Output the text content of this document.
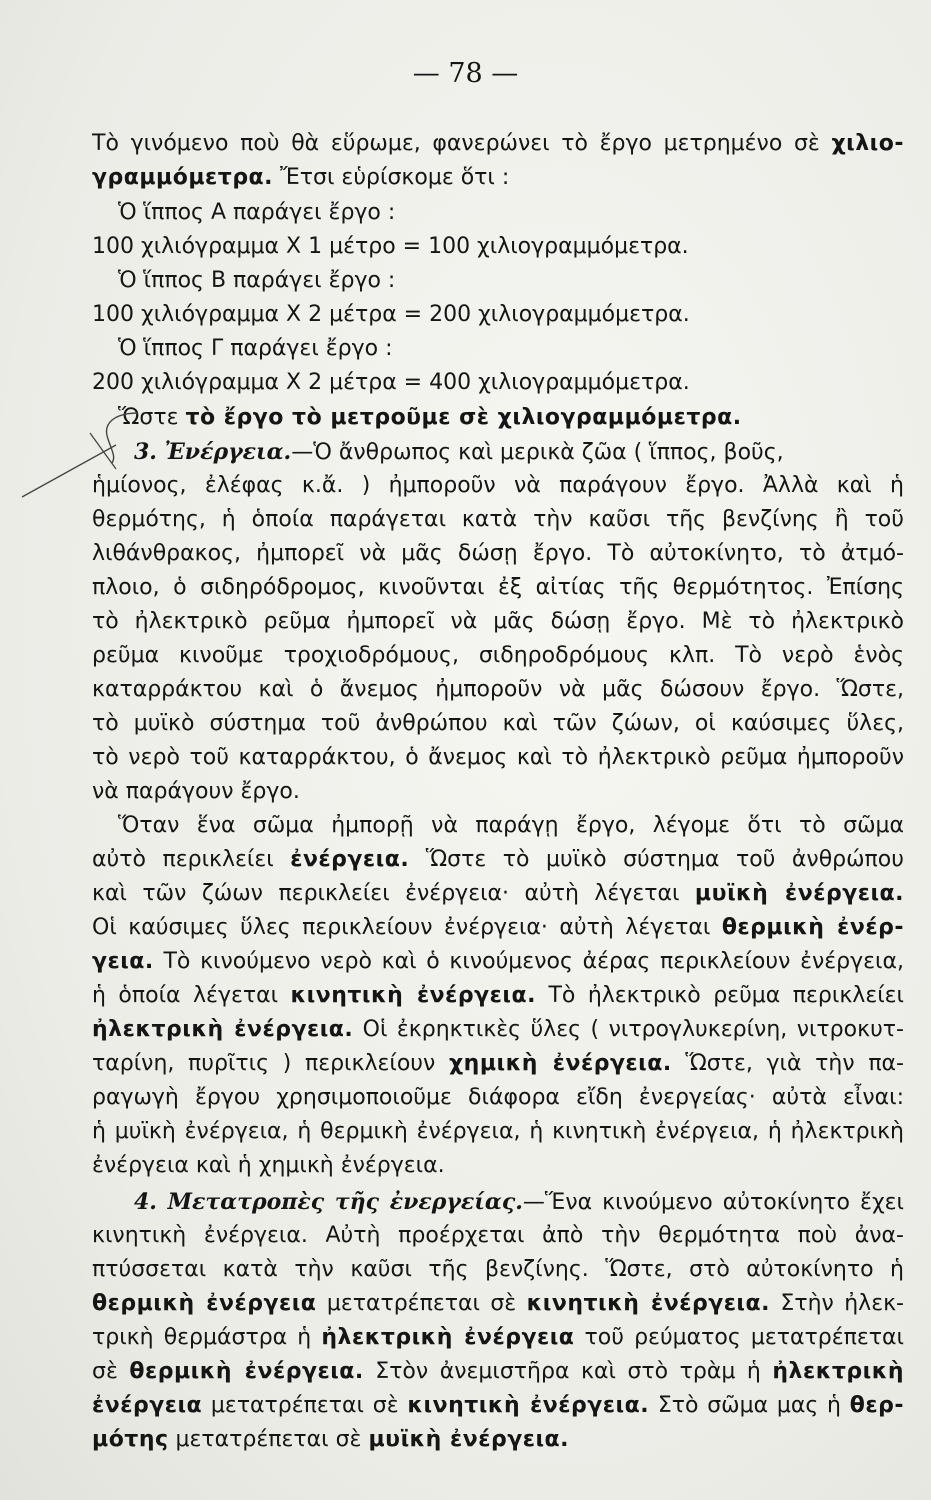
— 78 —
Τὸ γινόμενο ποὺ θὰ εὕρωμε, φανερώνει τὸ ἔργο μετρημένο σὲ χιλιο-
γραμμόμετρα. Ἔτσι εὑρίσκομε ὅτι :
Ὁ ἵππος Α παράγει ἔργο :
100 χιλιόγραμμα Χ 1 μέτρο = 100 χιλιογραμμόμετρα.
Ὁ ἵππος Β παράγει ἔργο :
100 χιλιόγραμμα Χ 2 μέτρα = 200 χιλιογραμμόμετρα.
Ὁ ἵππος Γ παράγει ἔργο :
200 χιλιόγραμμα Χ 2 μέτρα = 400 χιλιογραμμόμετρα.
Ὥστε τὸ ἔργο τὸ μετροῦμε σὲ χιλιογραμμόμετρα.
3. Ἐνέργεια.—Ὁ ἄνθρωπος καὶ μερικὰ ζῶα ( ἵππος, βοῦς,
ἡμίονος, ἐλέφας κ.ἄ. ) ἠμποροῦν νὰ παράγουν ἔργο. Ἀλλὰ καὶ ἡ
θερμότης, ἡ ὁποία παράγεται κατὰ τὴν καῦσι τῆς βενζίνης ἢ τοῦ
λιθάνθρακος, ἠμπορεῖ νὰ μᾶς δώσῃ ἔργο. Τὸ αὐτοκίνητο, τὸ ἀτμό-
πλοιο, ὁ σιδηρόδρομος, κινοῦνται ἐξ αἰτίας τῆς θερμότητος. Ἐπίσης
τὸ ἠλεκτρικὸ ρεῦμα ἠμπορεῖ νὰ μᾶς δώσῃ ἔργο. Μὲ τὸ ἠλεκτρικὸ
ρεῦμα κινοῦμε τροχιοδρόμους, σιδηροδρόμους κλπ. Τὸ νερὸ ἑνὸς
καταρράκτου καὶ ὁ ἄνεμος ἠμποροῦν νὰ μᾶς δώσουν ἔργο. Ὥστε,
τὸ μυϊκὸ σύστημα τοῦ ἀνθρώπου καὶ τῶν ζώων, οἱ καύσιμες ὕλες,
τὸ νερὸ τοῦ καταρράκτου, ὁ ἄνεμος καὶ τὸ ἠλεκτρικὸ ρεῦμα ἠμποροῦν
νὰ παράγουν ἔργο.
Ὅταν ἕνα σῶμα ἠμπορῇ νὰ παράγῃ ἔργο, λέγομε ὅτι τὸ σῶμα
αὐτὸ περικλείει ἐνέργεια. Ὥστε τὸ μυϊκὸ σύστημα τοῦ ἀνθρώπου
καὶ τῶν ζώων περικλείει ἐνέργεια· αὐτὴ λέγεται μυϊκὴ ἐνέργεια.
Οἱ καύσιμες ὕλες περικλείουν ἐνέργεια· αὐτὴ λέγεται θερμικὴ ἐνέρ-
γεια. Τὸ κινούμενο νερὸ καὶ ὁ κινούμενος ἀέρας περικλείουν ἐνέργεια,
ἡ ὁποία λέγεται κινητικὴ ἐνέργεια. Τὸ ἠλεκτρικὸ ρεῦμα περικλείει
ἠλεκτρικὴ ἐνέργεια. Οἱ ἐκρηκτικὲς ὕλες ( νιτρογλυκερίνη, νιτροκυτ-
ταρίνη, πυρῖτις ) περικλείουν χημικὴ ἐνέργεια. Ὥστε, γιὰ τὴν πα-
ραγωγὴ ἔργου χρησιμοποιοῦμε διάφορα εἴδη ἐνεργείας· αὐτὰ εἶναι:
ἡ μυϊκὴ ἐνέργεια, ἡ θερμικὴ ἐνέργεια, ἡ κινητικὴ ἐνέργεια, ἡ ἠλεκτρικὴ
ἐνέργεια καὶ ἡ χημικὴ ἐνέργεια.
4. Μετατροπὲς τῆς ἐνεργείας.—Ἕνα κινούμενο αὐτοκίνητο ἔχει
κινητικὴ ἐνέργεια. Αὐτὴ προέρχεται ἀπὸ τὴν θερμότητα ποὺ ἀνα-
πτύσσεται κατὰ τὴν καῦσι τῆς βενζίνης. Ὥστε, στὸ αὐτοκίνητο ἡ
θερμικὴ ἐνέργεια μετατρέπεται σὲ κινητικὴ ἐνέργεια. Στὴν ἠλεκ-
τρικὴ θερμάστρα ἡ ἠλεκτρικὴ ἐνέργεια τοῦ ρεύματος μετατρέπεται
σὲ θερμικὴ ἐνέργεια. Στὸν ἀνεμιστῆρα καὶ στὸ τρὰμ ἡ ἠλεκτρικὴ
ἐνέργεια μετατρέπεται σὲ κινητικὴ ἐνέργεια. Στὸ σῶμα μας ἡ θερ-
μότης μετατρέπεται σὲ μυϊκὴ ἐνέργεια.
